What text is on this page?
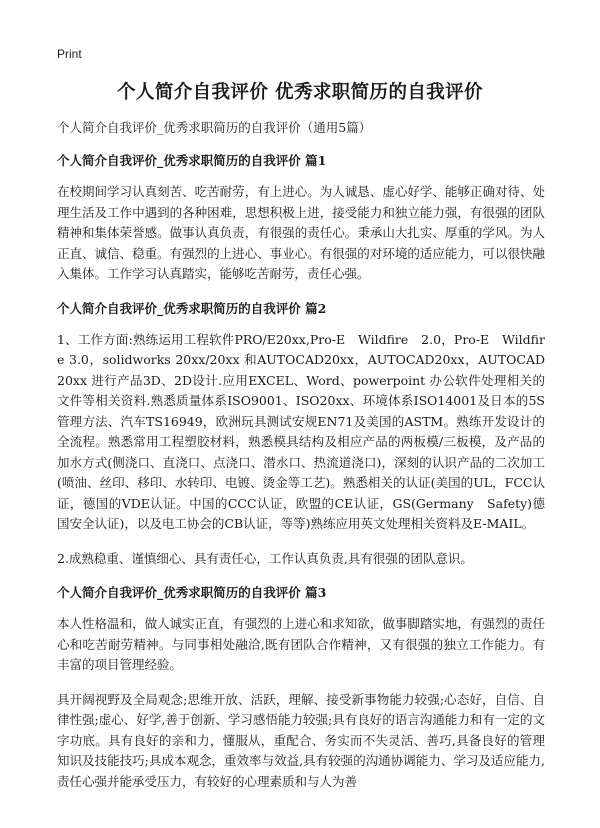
Print
个人简介自我评价 优秀求职简历的自我评价
个人简介自我评价_优秀求职简历的自我评价（通用5篇）
个人简介自我评价_优秀求职简历的自我评价 篇1

在校期间学习认真刻苦、吃苦耐劳，有上进心。为人诚恳、虚心好学、能够正确对待、处理生活及工作中遇到的各种困难，思想积极上进，接受能力和独立能力强，有很强的团队精神和集体荣誉感。做事认真负责，有很强的责任心。秉承山大扎实、厚重的学风。为人正直、诚信、稳重。有强烈的上进心、事业心。有很强的对环境的适应能力，可以很快融入集体。工作学习认真踏实，能够吃苦耐劳，责任心强。

个人简介自我评价_优秀求职简历的自我评价 篇2

1、工作方面:熟练运用工程软件PRO/E20xx,Pro-E　Wildfire　2.0，Pro-E　Wildfire 3.0，solidworks 20xx/20xx 和AUTOCAD20xx，AUTOCAD20xx，AUTOCAD20xx 进行产品3D、2D设计.应用EXCEL、Word、powerpoint 办公软件处理相关的文件等相关资料.熟悉质量体系ISO9001、ISO20xx、环境体系ISO14001及日本的5S管理方法、汽车TS16949，欧洲玩具测试安规EN71及美国的ASTM。熟练开发设计的全流程。熟悉常用工程塑胶材料，熟悉模具结构及相应产品的两板模/三板模，及产品的加水方式(侧浇口、直浇口、点浇口、潜水口、热流道浇口)，深刻的认识产品的二次加工(喷油、丝印、移印、水转印、电镀、烫金等工艺)。熟悉相关的认证(美国的UL，FCC认证，德国的VDE认证。中国的CCC认证，欧盟的CE认证，GS(Germany　Safety)德国安全认证)，以及电工协会的CB认证，等等)熟练应用英文处理相关资料及E-MAIL。

2.成熟稳重、谨慎细心、具有责任心，工作认真负责,具有很强的团队意识。

个人简介自我评价_优秀求职简历的自我评价 篇3

本人性格温和，做人诚实正直，有强烈的上进心和求知欲，做事脚踏实地，有强烈的责任心和吃苦耐劳精神。与同事相处融洽,既有团队合作精神，又有很强的独立工作能力。有丰富的项目管理经验。

具开阔视野及全局观念;思维开放、活跃，理解、接受新事物能力较强;心态好，自信、自律性强;虚心、好学,善于创新、学习感悟能力较强;具有良好的语言沟通能力和有一定的文字功底。具有良好的亲和力，懂服从，重配合、务实而不失灵活、善巧,具备良好的管理知识及技能技巧;具成本观念，重效率与效益,具有较强的沟通协调能力、学习及适应能力,责任心强并能承受压力，有较好的心理素质和与人为善
